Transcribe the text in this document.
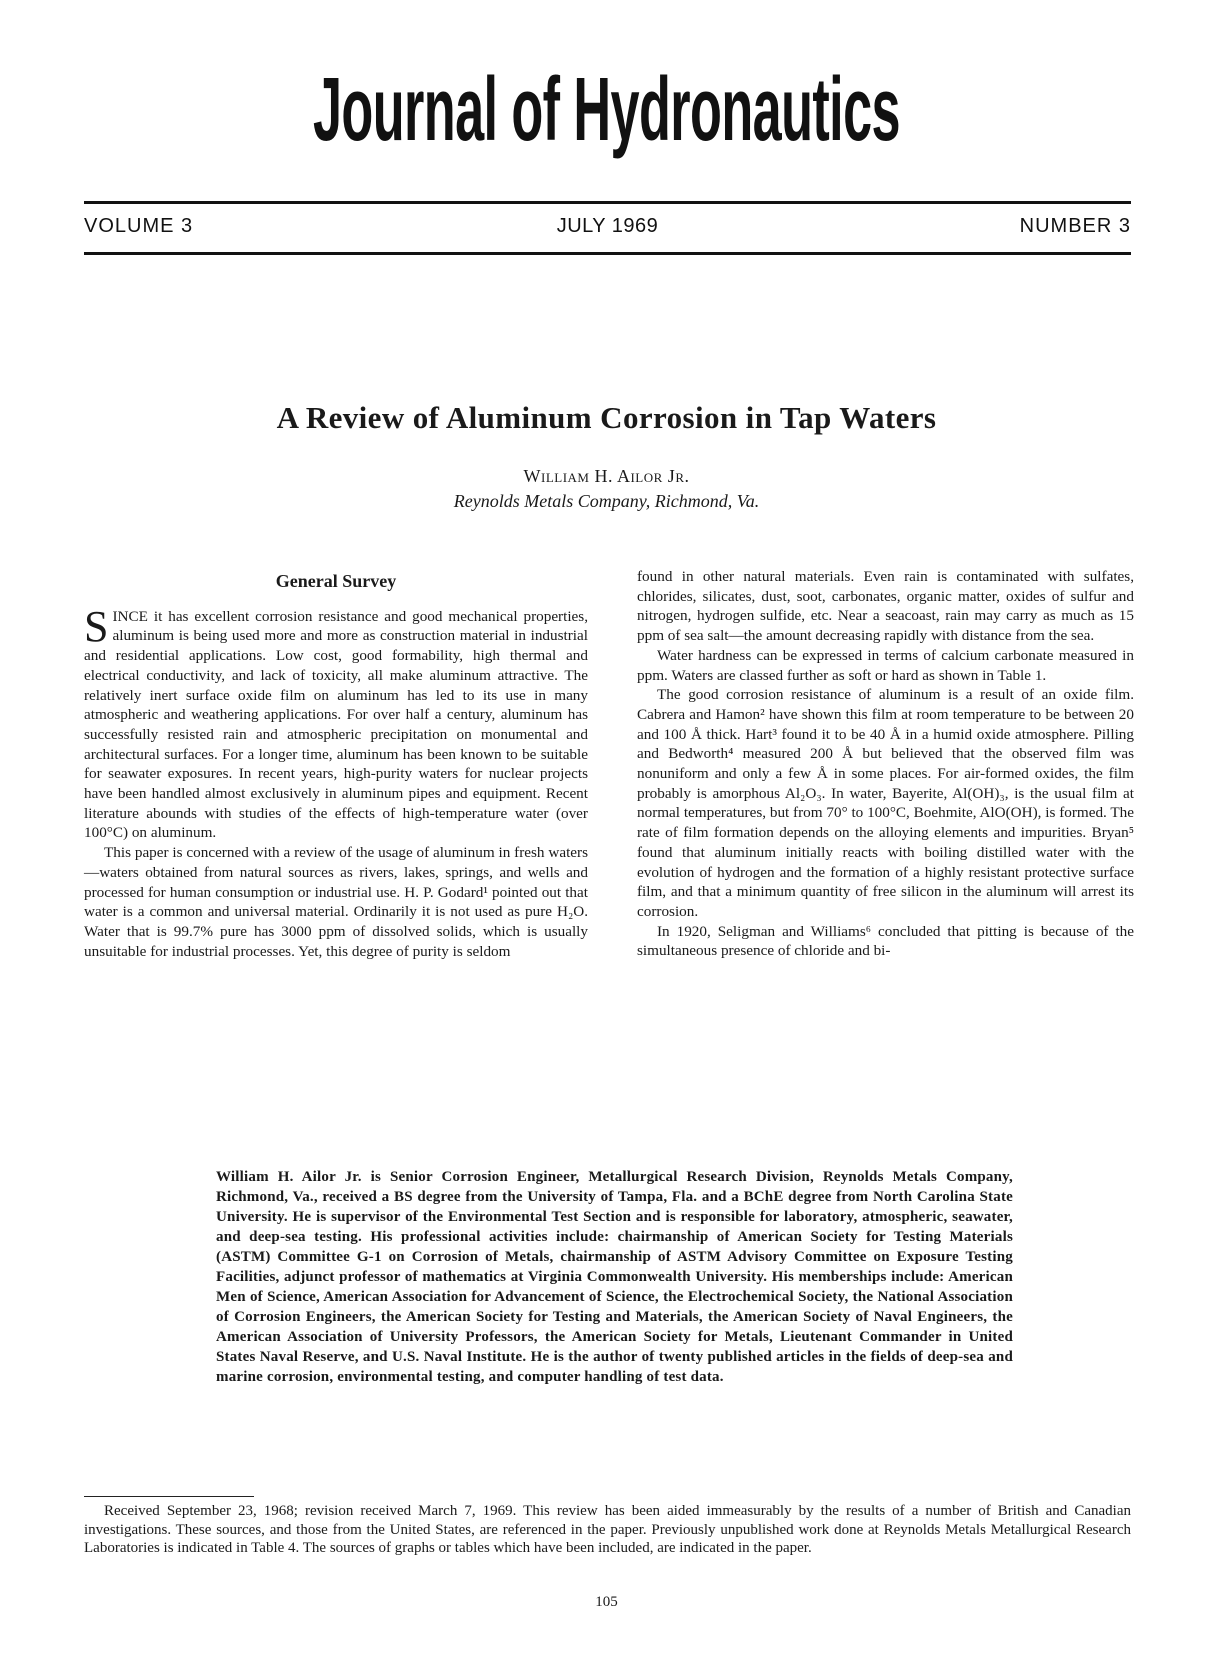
Journal of Hydronautics
VOLUME 3	JULY 1969	NUMBER 3
A Review of Aluminum Corrosion in Tap Waters
William H. Ailor Jr.
Reynolds Metals Company, Richmond, Va.
General Survey

SINCE it has excellent corrosion resistance and good mechanical properties, aluminum is being used more and more as construction material in industrial and residential applications. Low cost, good formability, high thermal and electrical conductivity, and lack of toxicity, all make aluminum attractive. The relatively inert surface oxide film on aluminum has led to its use in many atmospheric and weathering applications. For over half a century, aluminum has successfully resisted rain and atmospheric precipitation on monumental and architectural surfaces. For a longer time, aluminum has been known to be suitable for seawater exposures. In recent years, high-purity waters for nuclear projects have been handled almost exclusively in aluminum pipes and equipment. Recent literature abounds with studies of the effects of high-temperature water (over 100°C) on aluminum.

This paper is concerned with a review of the usage of aluminum in fresh waters—waters obtained from natural sources as rivers, lakes, springs, and wells and processed for human consumption or industrial use. H. P. Godard¹ pointed out that water is a common and universal material. Ordinarily it is not used as pure H₂O. Water that is 99.7% pure has 3000 ppm of dissolved solids, which is usually unsuitable for industrial processes. Yet, this degree of purity is seldom

found in other natural materials. Even rain is contaminated with sulfates, chlorides, silicates, dust, soot, carbonates, organic matter, oxides of sulfur and nitrogen, hydrogen sulfide, etc. Near a seacoast, rain may carry as much as 15 ppm of sea salt—the amount decreasing rapidly with distance from the sea.

Water hardness can be expressed in terms of calcium carbonate measured in ppm. Waters are classed further as soft or hard as shown in Table 1.

The good corrosion resistance of aluminum is a result of an oxide film. Cabrera and Hamon² have shown this film at room temperature to be between 20 and 100 Å thick. Hart³ found it to be 40 Å in a humid oxide atmosphere. Pilling and Bedworth⁴ measured 200 Å but believed that the observed film was nonuniform and only a few Å in some places. For air-formed oxides, the film probably is amorphous Al₂O₃. In water, Bayerite, Al(OH)₃, is the usual film at normal temperatures, but from 70° to 100°C, Boehmite, AlO(OH), is formed. The rate of film formation depends on the alloying elements and impurities. Bryan⁵ found that aluminum initially reacts with boiling distilled water with the evolution of hydrogen and the formation of a highly resistant protective surface film, and that a minimum quantity of free silicon in the aluminum will arrest its corrosion.

In 1920, Seligman and Williams⁶ concluded that pitting is because of the simultaneous presence of chloride and bi-

William H. Ailor Jr. is Senior Corrosion Engineer, Metallurgical Research Division, Reynolds Metals Company, Richmond, Va., received a BS degree from the University of Tampa, Fla. and a BChE degree from North Carolina State University. He is supervisor of the Environmental Test Section and is responsible for laboratory, atmospheric, seawater, and deep-sea testing. His professional activities include: chairmanship of American Society for Testing Materials (ASTM) Committee G-1 on Corrosion of Metals, chairmanship of ASTM Advisory Committee on Exposure Testing Facilities, adjunct professor of mathematics at Virginia Commonwealth University. His memberships include: American Men of Science, American Association for Advancement of Science, the Electrochemical Society, the National Association of Corrosion Engineers, the American Society for Testing and Materials, the American Society of Naval Engineers, the American Association of University Professors, the American Society for Metals, Lieutenant Commander in United States Naval Reserve, and U.S. Naval Institute. He is the author of twenty published articles in the fields of deep-sea and marine corrosion, environmental testing, and computer handling of test data.
Received September 23, 1968; revision received March 7, 1969. This review has been aided immeasurably by the results of a number of British and Canadian investigations. These sources, and those from the United States, are referenced in the paper. Previously unpublished work done at Reynolds Metals Metallurgical Research Laboratories is indicated in Table 4. The sources of graphs or tables which have been included, are indicated in the paper.
105
